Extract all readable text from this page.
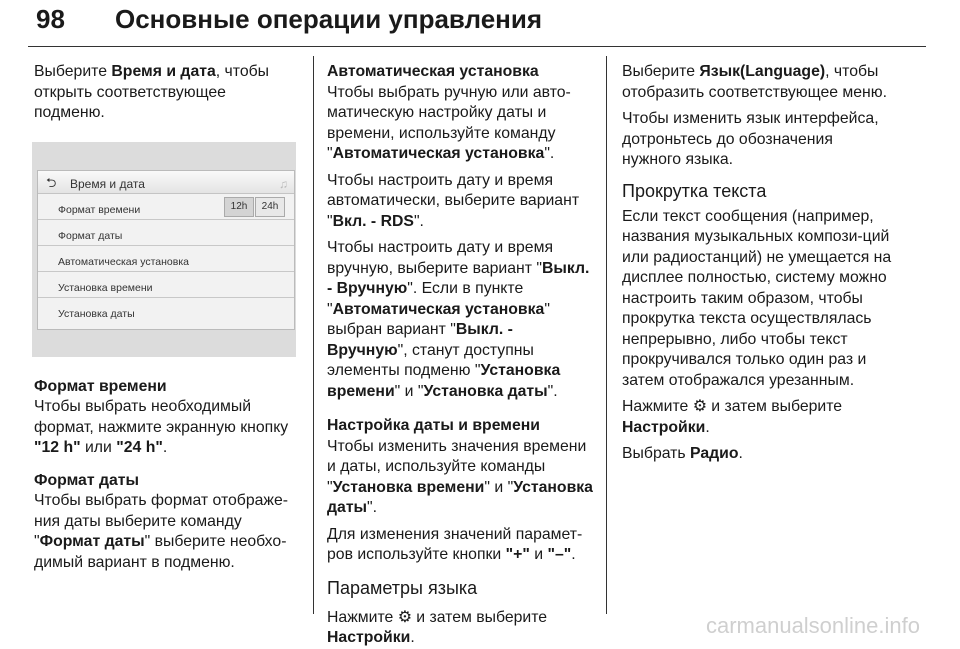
98 Основные операции управления

Выберите Время и дата, чтобы открыть соответствующее подменю.

⮌ Время и дата	♫
Формат времени	12h	24h
Формат даты
Автоматическая установка
Установка времени
Установка даты
Формат времени

Чтобы выбрать необходимый формат, нажмите экранную кнопку "12 h" или "24 h".

Формат даты

Чтобы выбрать формат отображе‐ния даты выберите команду "Формат даты" выберите необхо‐димый вариант в подменю.

Автоматическая установка

Чтобы выбрать ручную или авто‐матическую настройку даты и времени, используйте команду "Автоматическая установка".

Чтобы настроить дату и время автоматически, выберите вариант "Вкл. - RDS".

Чтобы настроить дату и время вручную, выберите вариант "Выкл. - Вручную". Если в пункте "Автоматическая установка" выбран вариант "Выкл. - Вручную", станут доступны элементы подменю "Установка времени" и "Установка даты".

Настройка даты и времени

Чтобы изменить значения времени и даты, используйте команды "Установка времени" и "Установка даты".

Для изменения значений парамет‐ров используйте кнопки "+" и "–".

Параметры языка

Нажмите ⚙ и затем выберите Настройки.

Выберите Язык(Language), чтобы отобразить соответствующее меню.

Чтобы изменить язык интерфейса, дотроньтесь до обозначения нужного языка.

Прокрутка текста

Если текст сообщения (например, названия музыкальных компози‐ций или радиостанций) не умещается на дисплее полностью, систему можно настроить таким образом, чтобы прокрутка текста осуществлялась непрерывно, либо чтобы текст прокручивался только один раз и затем отображался урезанным.

Нажмите ⚙ и затем выберите Настройки.

Выбрать Радио.

carmanualsonline.info
